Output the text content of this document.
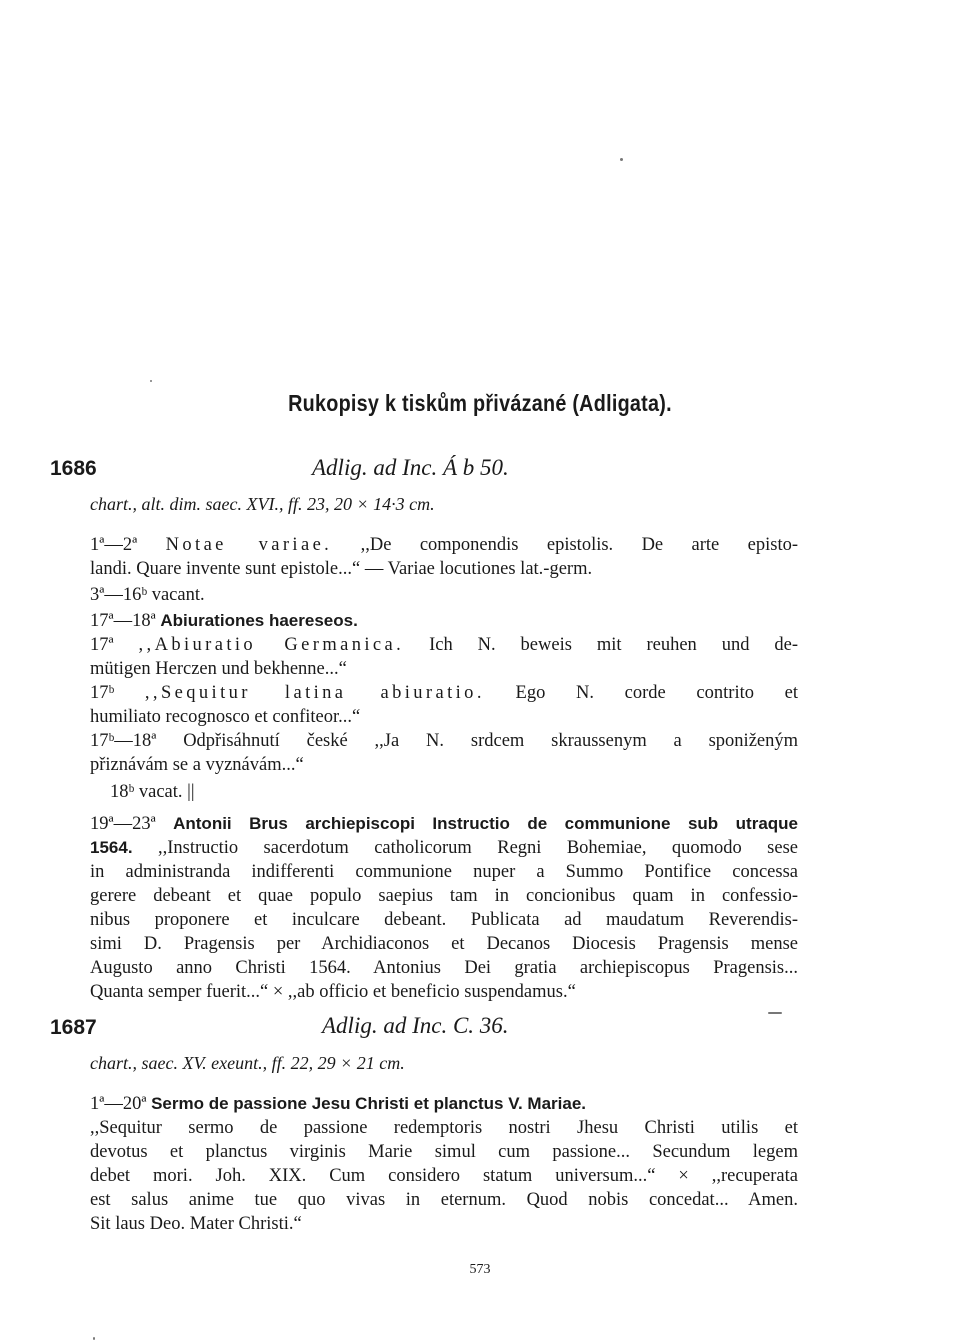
Rukopisy k tiskům přivázané (Adligata).
1686	Adlig. ad Inc. Á b 50.
chart., alt. dim. saec. XVI., ff. 23, 20 × 14·3 cm.
1ª—2ª Notae variae. ,,De componendis epistolis. De arte episto-
landi. Quare invente sunt epistole...“ — Variae locutiones lat.-germ.
3ª—16ᵇ vacant.
17ª—18ª Abiurationes haereseos.
17ª ,,Abiuratio Germanica. Ich N. beweis mit reuhen und de-
mütigen Herczen und bekhenne...“
17ᵇ ,,Sequitur latina abiuratio. Ego N. corde contrito et
humiliato recognosco et confiteor...“
17ᵇ—18ª Odpřisáhnutí české ,,Ja N. srdcem skraussenym a sponiženým
přiznávám se a vyznávám...“
18ᵇ vacat. ||
19ª—23ª Antonii Brus archiepiscopi Instructio de communione sub utraque
1564. ,,Instructio sacerdotum catholicorum Regni Bohemiae, quomodo sese
in administranda indifferenti communione nuper a Summo Pontifice concessa
gerere debeant et quae populo saepius tam in concionibus quam in confessio-
nibus proponere et inculcare debeant. Publicata ad maudatum Reverendis-
simi D. Pragensis per Archidiaconos et Decanos Diocesis Pragensis mense
Augusto anno Christi 1564. Antonius Dei gratia archiepiscopus Pragensis...
Quanta semper fuerit...“ × ,,ab officio et beneficio suspendamus.“
1687	Adlig. ad Inc. C. 36.
chart., saec. XV. exeunt., ff. 22, 29 × 21 cm.
1ª—20ª Sermo de passione Jesu Christi et planctus V. Mariae.
,,Sequitur sermo de passione redemptoris nostri Jhesu Christi utilis et
devotus et planctus virginis Marie simul cum passione... Secundum legem
debet mori. Joh. XIX. Cum considero statum universum...“ × ,,recuperata
est salus anime tue quo vivas in eternum. Quod nobis concedat... Amen.
Sit laus Deo. Mater Christi.“
573
